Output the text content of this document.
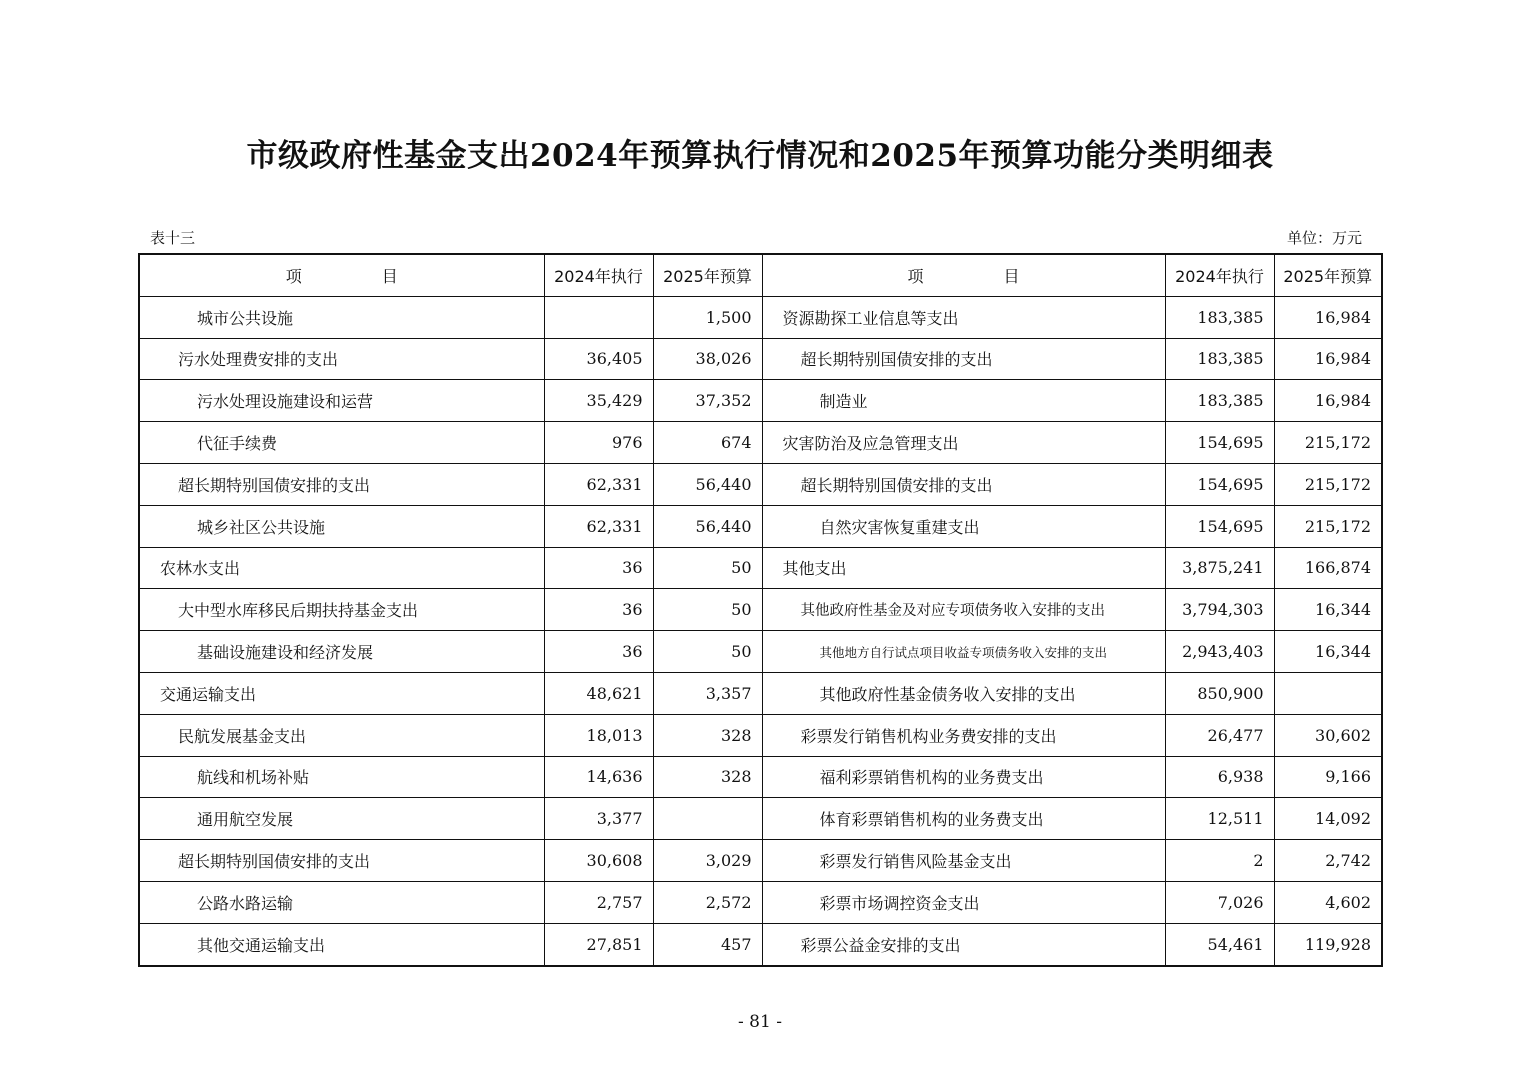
市级政府性基金支出2024年预算执行情况和2025年预算功能分类明细表
表十三	单位：万元
项目	2024年执行	2025年预算	项目	2024年执行	2025年预算
城市公共设施		1,500	资源勘探工业信息等支出	183,385	16,984
污水处理费安排的支出	36,405	38,026	超长期特别国债安排的支出	183,385	16,984
污水处理设施建设和运营	35,429	37,352	制造业	183,385	16,984
代征手续费	976	674	灾害防治及应急管理支出	154,695	215,172
超长期特别国债安排的支出	62,331	56,440	超长期特别国债安排的支出	154,695	215,172
城乡社区公共设施	62,331	56,440	自然灾害恢复重建支出	154,695	215,172
农林水支出	36	50	其他支出	3,875,241	166,874
大中型水库移民后期扶持基金支出	36	50	其他政府性基金及对应专项债务收入安排的支出	3,794,303	16,344
基础设施建设和经济发展	36	50	其他地方自行试点项目收益专项债务收入安排的支出	2,943,403	16,344
交通运输支出	48,621	3,357	其他政府性基金债务收入安排的支出	850,900	
民航发展基金支出	18,013	328	彩票发行销售机构业务费安排的支出	26,477	30,602
航线和机场补贴	14,636	328	福利彩票销售机构的业务费支出	6,938	9,166
通用航空发展	3,377		体育彩票销售机构的业务费支出	12,511	14,092
超长期特别国债安排的支出	30,608	3,029	彩票发行销售风险基金支出	2	2,742
公路水路运输	2,757	2,572	彩票市场调控资金支出	7,026	4,602
其他交通运输支出	27,851	457	彩票公益金安排的支出	54,461	119,928
- 81 -
